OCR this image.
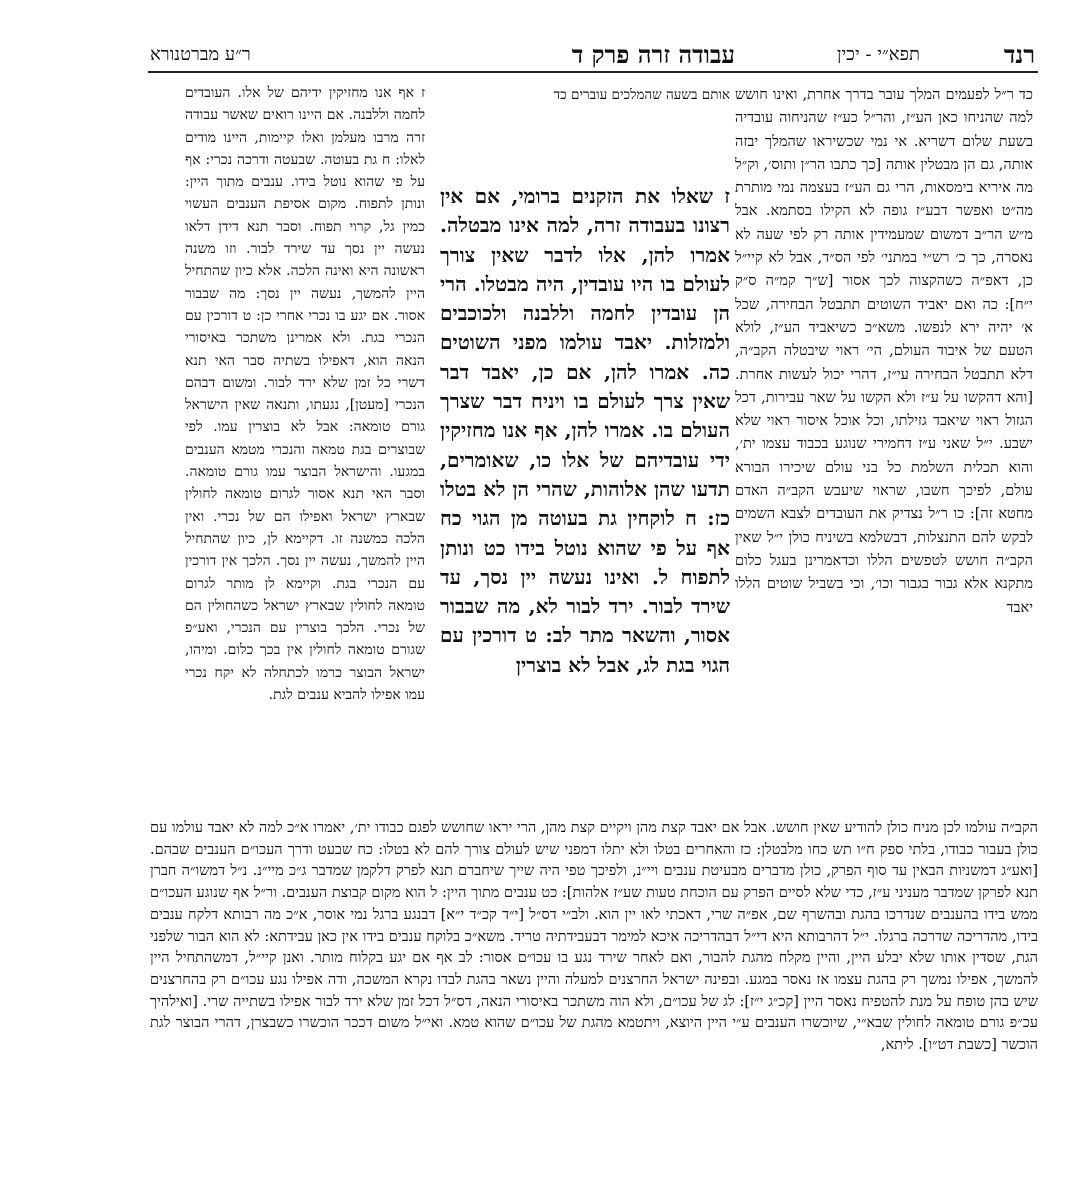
רנד
תפא״י - יכין
עבודה זרה פרק ד
ר״ע מברטנורא

כד ר״ל לפעמים המלך עובר בדרך אחרת, ואינו חושש למה שהניחו כאן הע״ז, והר״ל כע״ז שהניחוה עובדיה בשעת שלום דשריא. אי נמי שכשיראו שהמלך יבזה אותה, גם הן מבטלין אותה [כך כתבו הר״ן ותוס׳, וק״ל מה איריא בימסאות, הרי גם הע״ז בעצמה נמי מותרת מה״ט ואפשר דבע״ז גופה לא הקילו בסתמא. אבל מ״ש הר״ב דמשום שמעמידין אותה רק לפי שעה לא נאסרה, כך כ׳ רש״י במתני׳ לפי הס״ד, אבל לא קיי״ל כן, דאפ״ה כשהקצוה לכך אסור [ש״ך קמ״ה ס״ק י״ח]: כה ואם יאביד השוטים תתבטל הבחירה, שכל א׳ יהיה ירא לנפשו. משא״כ כשיאביד הע״ז, לולא הטעם של איבוד העולם, הי׳ ראוי שיבטלה הקב״ה, דלא תתבטל הבחירה עי״ז, דהרי יכול לעשות אחרת. [והא דהקשו על ע״ז ולא הקשו על שאר עבירות, דכל הגזול ראוי שיאבד גזילתו, וכל אוכל איסור ראוי שלא ישבע. י״ל שאני ע״ז דחמירי שנוגע בכבוד עצמו ית׳, והוא תכלית השלמת כל בני עולם שיכירו הבורא עולם, לפיכך חשבו, שראוי שיעבש הקב״ה האדם מחטא זה]: כו ר״ל נצדיק את העובדים לצבא השמים לבקש להם התנצלות, דבשלמא בשיניח כולן י״ל שאין הקב״ה חושש לטפשים הללו וכדאמרינן בעגל כלום מתקנא אלא גבור בגבור וכו׳, וכי בשביל שוטים הללו יאבד

אותם בשעה שהמלכים עוברים כד

ז שאלו את הזקנים ברומי, אם אין רצונו בעבודה זרה, למה אינו מבטלה. אמרו להן, אלו לדבר שאין צורך לעולם בו היו עובדין, היה מבטלו. הרי הן עובדין לחמה וללבנה ולכוכבים ולמזלות. יאבד עולמו מפני השוטים כה. אמרו להן, אם כן, יאבד דבר שאין צרך לעולם בו ויניח דבר שצרך העולם בו. אמרו להן, אף אנו מחזיקין ידי עובדיהם של אלו כו, שאומרים, תדעו שהן אלוהות, שהרי הן לא בטלו כז: ח לוקחין גת בעוטה מן הגוי כח אף על פי שהוא נוטל בידו כט ונותן לתפוח ל. ואינו נעשה יין נסך, עד שירד לבור. ירד לבור לא, מה שבבור אסור, והשאר מתר לב: ט דורכין עם הגוי בגת לג, אבל לא בוצרין

ז אף אנו מחזיקין ידיהם של אלו. העובדים לחמה וללבנה. אם היינו רואים שאשר עבודה זרה מרבו מעלמן ואלו קיימות, היינו מודים לאלו: ח גת בעוטה. שבעטה ודרכה נכרי: אף על פי שהוא נוטל בידו. ענבים מתוך היין: ונותן לתפוח. מקום אסיפת הענבים העשוי כמין גל, קרוי תפוח. וסבר תנא דידן דלאו נעשה יין נסך עד שירד לבור. וזו משנה ראשונה היא ואינה הלכה. אלא כיון שהתחיל היין להמשך, נעשה יין נסך: מה שבבור אסור. אם יגע בו נכרי אחרי כן: ט דורכין עם הנכרי בגת. ולא אמרינן משתכר באיסורי הנאה הוא, דאפילו בשתיה סבר האי תנא דשרי כל זמן שלא ירד לבור. ומשום דבהם הנכרי [מעטן], נגעתו, ותנאה שאין הישראל גורם טומאה: אבל לא בוצרין עמו. לפי שבוצרים בגת טמאה והנכרי מטמא הענבים במגעו. והישראל הבוצר עמו גורם טומאה. וסבר האי תנא אסור לגרום טומאה לחולין שבארץ ישראל ואפילו הם של נכרי. ואין הלכה כמשנה זו. דקיימא לן, כיון שהתחיל היין להמשך, נעשה יין נסך. הלכך אין דורכין עם הנכרי בגת. וקיימא לן מותר לגרום טומאה לחולין שבארץ ישראל כשהחולין הם של נכרי. הלכך בוצרין עם הנכרי, ואע״פ שגורם טומאה לחולין אין בכך כלום. ומיהו, ישראל הבוצר כרמו לכתחלה לא יקח נכרי עמו אפילו להביא ענבים לגת.

הקב״ה עולמו לכן מניח כולן להודיע שאין חושש. אבל אם יאבד קצת מהן ויקיים קצת מהן, הרי יראו שחושש לפגם כבודו ית׳, יאמרו א״כ למה לא יאבד עולמו עם כולן בעבור כבודו, בלתי ספק ח״ו תש כחו מלבטלן: כז והאחרים בטלו ולא יתלו דמפני שיש לעולם צורך להם לא בטלו: כח שבעט ודרך העכו״ם הענבים שבהם. [ואע״ג דמשניות הבאין עד סוף הפרק, כולן מדברים מבעיטת ענבים ויי״נ, ולפיכך טפי היה שייך שיחברם תנא לפרק דלקמן שמדבר ג״כ מיי״נ. נ״ל דמשו״ה חברן תנא לפרקן שמדבר מעניני ע״ז, כדי שלא לסיים הפרק עם הוכחת טעות שע״ז אלהות]: כט ענבים מתוך היין: ל הוא מקום קבוצת הענבים. ור״ל אף שנוגע העכו״ם ממש בידו בהענבים שנדרכו בהגת ובהשרף שם, אפ״ה שרי, דאכתי לאו יין הוא. ולב״י דס״ל [י״ד קכ״ד י״א] דבנגע ברגל נמי אוסר, א״כ מה רבותא דלקח ענבים בידו, מהדריכה שדרכה ברגלו. י״ל דהרבותא היא די״ל דבהדריכה איכא למימר דבעבידתיה טריד. משא״כ בלוקח ענבים בידו אין כאן עבידתא: לא הוא הבור שלפני הגת, שסדין אותו שלא יבלע היין, והיין מקלח מהגת להבור, ואם לאחר שירד נגע בו עכו״ם אסור: לב אף אם יגע בקלוח מותר. ואנן קיי״ל, דמשהתחיל היין להמשך, אפילו נמשך רק בהגת עצמו אז נאסר במגע. ובפינה ישראל החרצנים למעלה והיין נשאר בהגת לבדו נקרא המשכה, ודה אפילו נגע עכו״ם רק בהחרצנים שיש בהן טופח על מנת להטפיח נאסר היין [קכ״ג י״ז]: לג של עכו״ם, ולא הוה משתכר באיסורי הנאה, דס״ל דכל זמן שלא ירד לבור אפילו בשתייה שרי. [ואילהיך עכ״פ גורם טומאה לחולין שבא״י, שיוכשרו הענבים ע״י היין היוצא, ויתטמא מהגת של עכו״ם שהוא טמא. ואי״ל משום דככר הוכשרו כשבצרן, דהרי הבוצר לגת הוכשר [כשבת דט״ו]. ליתא,
